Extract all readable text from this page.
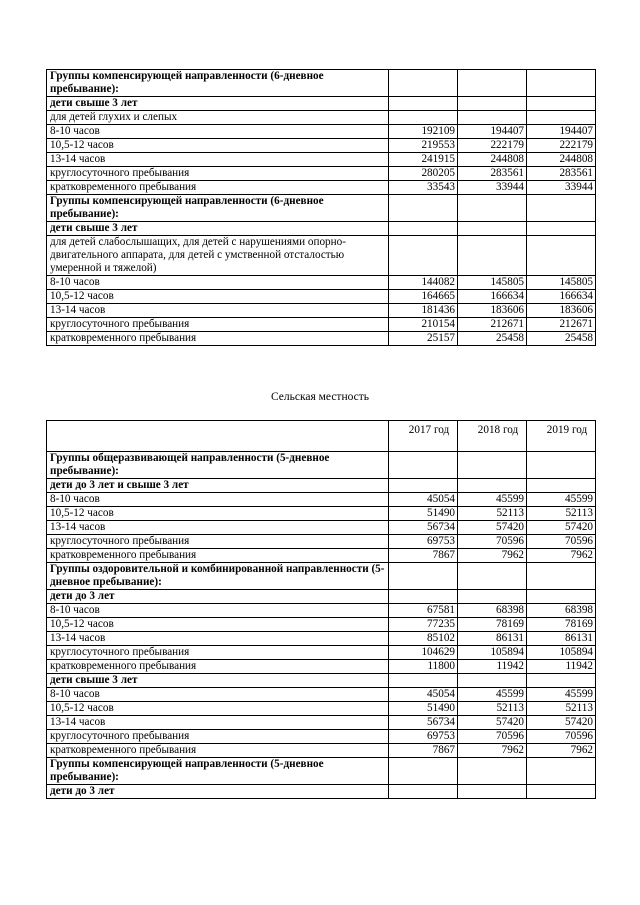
Группы компенсирующей направленности (6-дневное пребывание):			
дети свыше 3 лет			
для детей глухих и слепых			
8-10 часов	192109	194407	194407
10,5-12 часов	219553	222179	222179
13-14 часов	241915	244808	244808
круглосуточного пребывания	280205	283561	283561
кратковременного пребывания	33543	33944	33944
Группы компенсирующей направленности (6-дневное пребывание):			
дети свыше 3 лет			
для детей слабослышащих, для детей с нарушениями опорно-двигательного аппарата, для детей с умственной отсталостью умеренной и тяжелой)			
8-10 часов	144082	145805	145805
10,5-12 часов	164665	166634	166634
13-14 часов	181436	183606	183606
круглосуточного пребывания	210154	212671	212671
кратковременного пребывания	25157	25458	25458
Сельская местность
	2017 год	2018 год	2019 год
Группы общеразвивающей направленности (5-дневное пребывание):			
дети до 3 лет и свыше 3 лет			
8-10 часов	45054	45599	45599
10,5-12 часов	51490	52113	52113
13-14 часов	56734	57420	57420
круглосуточного пребывания	69753	70596	70596
кратковременного пребывания	7867	7962	7962
Группы оздоровительной и комбинированной направленности (5-дневное пребывание):			
дети до 3 лет			
8-10 часов	67581	68398	68398
10,5-12 часов	77235	78169	78169
13-14 часов	85102	86131	86131
круглосуточного пребывания	104629	105894	105894
кратковременного пребывания	11800	11942	11942
дети свыше 3 лет			
8-10 часов	45054	45599	45599
10,5-12 часов	51490	52113	52113
13-14 часов	56734	57420	57420
круглосуточного пребывания	69753	70596	70596
кратковременного пребывания	7867	7962	7962
Группы компенсирующей направленности (5-дневное пребывание):			
дети до 3 лет			
